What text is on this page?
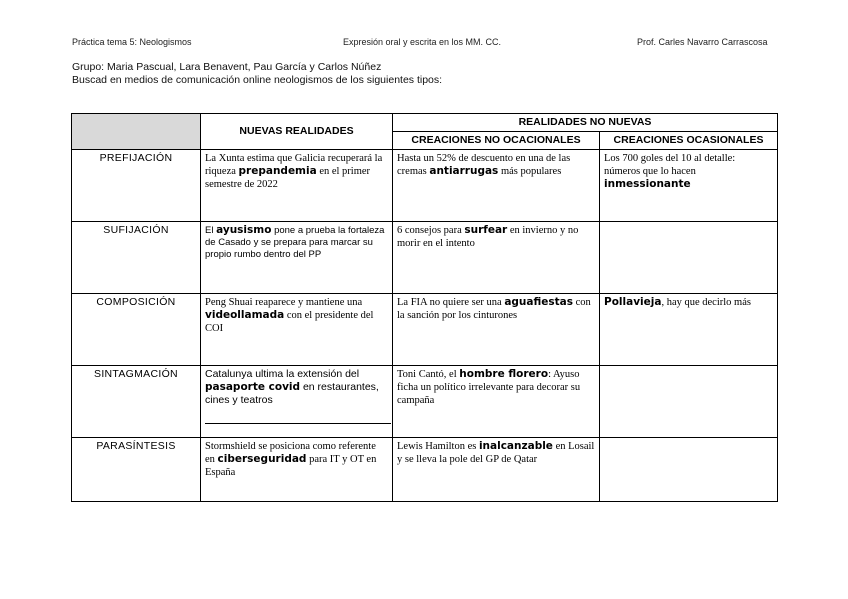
Práctica tema 5: Neologismos	Expresión oral y escrita en los MM. CC.	Prof. Carles Navarro Carrascosa
Grupo: Maria Pascual, Lara Benavent, Pau García y Carlos Núñez
Buscad en medios de comunicación online neologismos de los siguientes tipos:
	NUEVAS REALIDADES	REALIDADES NO NUEVAS	
		CREACIONES NO OCACIONALES	CREACIONES OCASIONALES
PREFIJACIÓN	La Xunta estima que Galicia recuperará la riqueza prepandemia en el primer semestre de 2022	Hasta un 52% de descuento en una de las cremas antiarrugas más populares	Los 700 goles del 10 al detalle: números que lo hacen inmessionante
SUFIJACIÓN	El ayusismo pone a prueba la fortaleza de Casado y se prepara para marcar su propio rumbo dentro del PP	6 consejos para surfear en invierno y no morir en el intento	
COMPOSICIÓN	Peng Shuai reaparece y mantiene una videollamada con el presidente del COI	La FIA no quiere ser una aguafiestas con la sanción por los cinturones	Pollavieja, hay que decirlo más
SINTAGMACIÓN	Catalunya ultima la extensión del pasaporte covid en restaurantes, cines y teatros	Toni Cantó, el hombre florero: Ayuso ficha un político irrelevante para decorar su campaña	
PARASÍNTESIS	Stormshield se posiciona como referente en ciberseguridad para IT y OT en España	Lewis Hamilton es inalcanzable en Losail y se lleva la pole del GP de Qatar	
